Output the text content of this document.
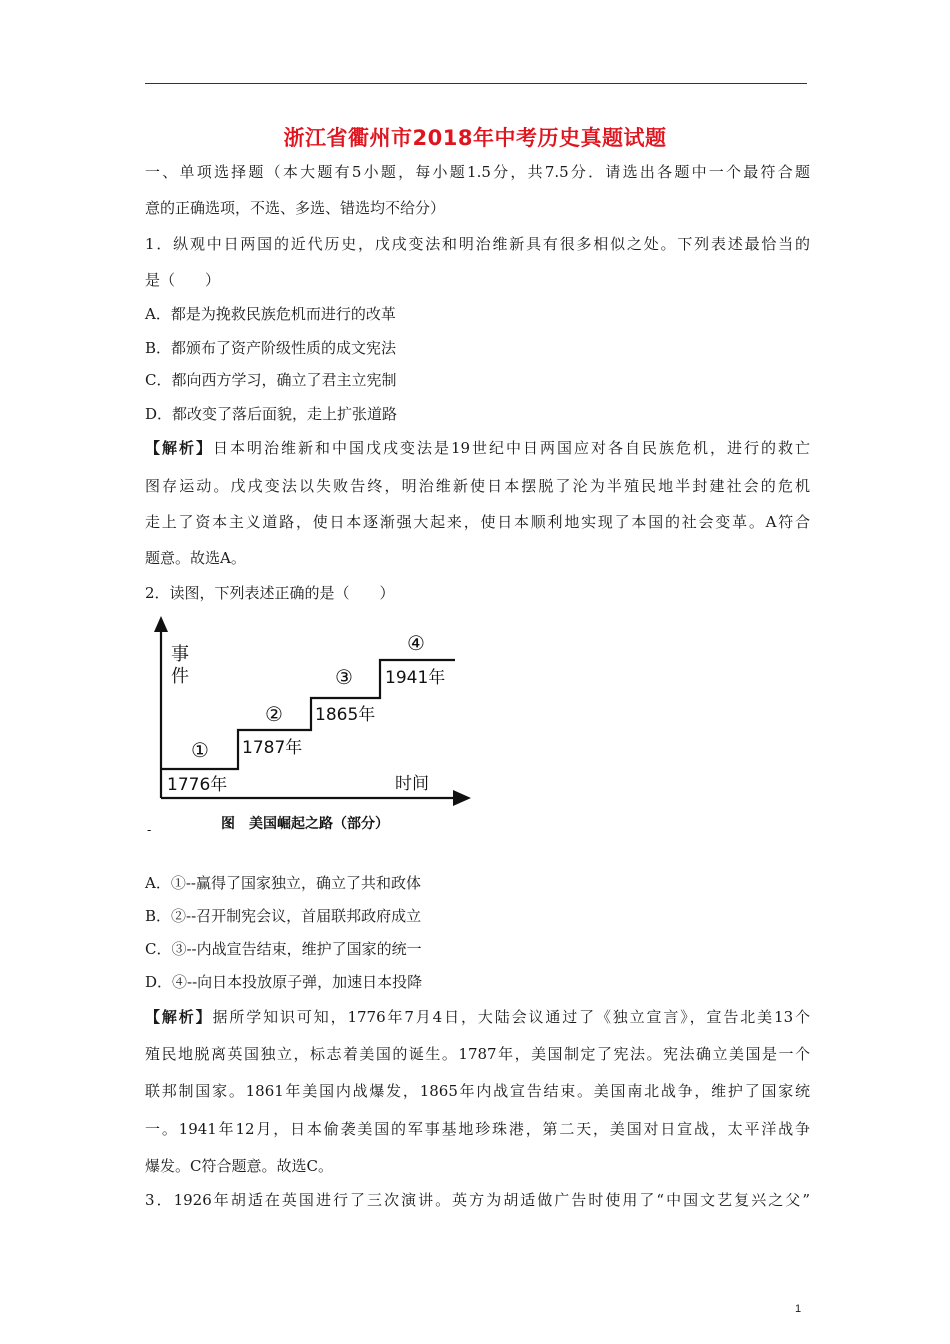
浙江省衢州市2018年中考历史真题试题
一、单项选择题（本大题有5小题，每小题1.5分，共7.5分．请选出各题中一个最符合题
意的正确选项，不选、多选、错选均不给分）
1．纵观中日两国的近代历史，戊戌变法和明治维新具有很多相似之处。下列表述最恰当的
是（　　）
A．都是为挽救民族危机而进行的改革
B．都颁布了资产阶级性质的成文宪法
C．都向西方学习，确立了君主立宪制
D．都改变了落后面貌，走上扩张道路
【解析】日本明治维新和中国戊戌变法是19世纪中日两国应对各自民族危机，进行的救亡
图存运动。戊戌变法以失败告终，明治维新使日本摆脱了沦为半殖民地半封建社会的危机
走上了资本主义道路，使日本逐渐强大起来，使日本顺利地实现了本国的社会变革。A符合
题意。故选A。
2．读图，下列表述正确的是（　　）
事
件
时间
①
1776年
②
1787年
③
1865年
④
1941年
图　美国崛起之路（部分）
-
A．①--赢得了国家独立，确立了共和政体
B．②--召开制宪会议，首届联邦政府成立
C．③--内战宣告结束，维护了国家的统一
D．④--向日本投放原子弹，加速日本投降
【解析】据所学知识可知，1776年7月4日，大陆会议通过了《独立宣言》，宣告北美13个
殖民地脱离英国独立，标志着美国的诞生。1787年，美国制定了宪法。宪法确立美国是一个
联邦制国家。1861年美国内战爆发，1865年内战宣告结束。美国南北战争，维护了国家统
一。1941年12月，日本偷袭美国的军事基地珍珠港，第二天，美国对日宣战，太平洋战争
爆发。C符合题意。故选C。
3．1926年胡适在英国进行了三次演讲。英方为胡适做广告时使用了“中国文艺复兴之父”
1
